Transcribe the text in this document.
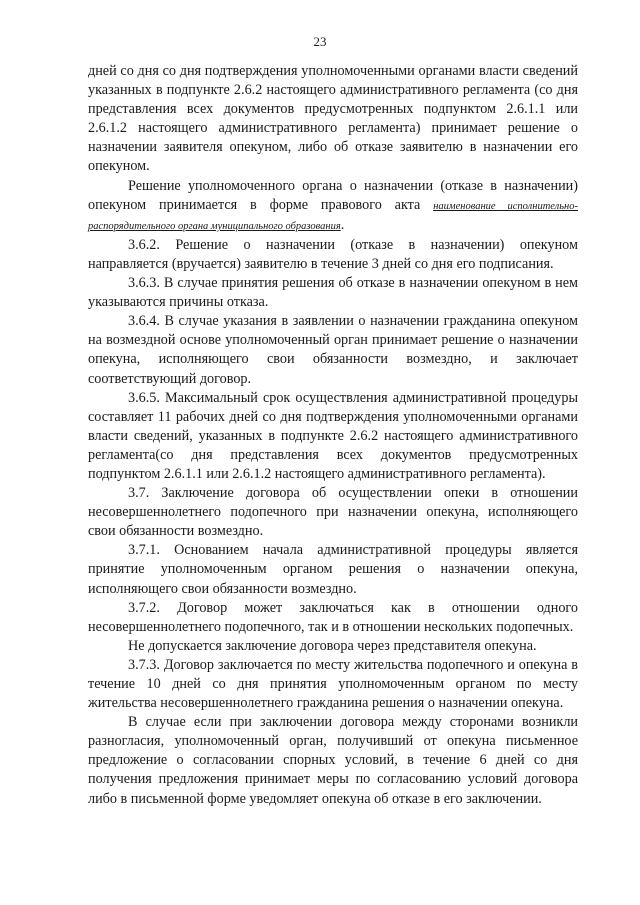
23

дней со дня со дня подтверждения уполномоченными органами власти сведений указанных в подпункте 2.6.2 настоящего административного регламента (со дня представления всех документов предусмотренных подпунктом 2.6.1.1 или 2.6.1.2 настоящего административного регламента) принимает решение о назначении заявителя опекуном, либо об отказе заявителю в назначении его опекуном.

Решение уполномоченного органа о назначении (отказе в назначении) опекуном принимается в форме правового акта наименование исполнительно-распорядительного органа муниципального образования.

3.6.2. Решение о назначении (отказе в назначении) опекуном направляется (вручается) заявителю в течение 3 дней со дня его подписания.

3.6.3. В случае принятия решения об отказе в назначении опекуном в нем указываются причины отказа.

3.6.4. В случае указания в заявлении о назначении гражданина опекуном на возмездной основе уполномоченный орган принимает решение о назначении опекуна, исполняющего свои обязанности возмездно, и заключает соответствующий договор.

3.6.5. Максимальный срок осуществления административной процедуры составляет 11 рабочих дней со дня подтверждения уполномоченными органами власти сведений, указанных в подпункте 2.6.2 настоящего административного регламента(со дня представления всех документов предусмотренных подпунктом 2.6.1.1 или 2.6.1.2 настоящего административного регламента).

3.7. Заключение договора об осуществлении опеки в отношении несовершеннолетнего подопечного при назначении опекуна, исполняющего свои обязанности возмездно.

3.7.1. Основанием начала административной процедуры является принятие уполномоченным органом решения о назначении опекуна, исполняющего свои обязанности возмездно.

3.7.2. Договор может заключаться как в отношении одного несовершеннолетнего подопечного, так и в отношении нескольких подопечных.

Не допускается заключение договора через представителя опекуна.

3.7.3. Договор заключается по месту жительства подопечного и опекуна в течение 10 дней со дня принятия уполномоченным органом по месту жительства несовершеннолетнего гражданина решения о назначении опекуна.

В случае если при заключении договора между сторонами возникли разногласия, уполномоченный орган, получивший от опекуна письменное предложение о согласовании спорных условий, в течение 6 дней со дня получения предложения принимает меры по согласованию условий договора либо в письменной форме уведомляет опекуна об отказе в его заключении.
